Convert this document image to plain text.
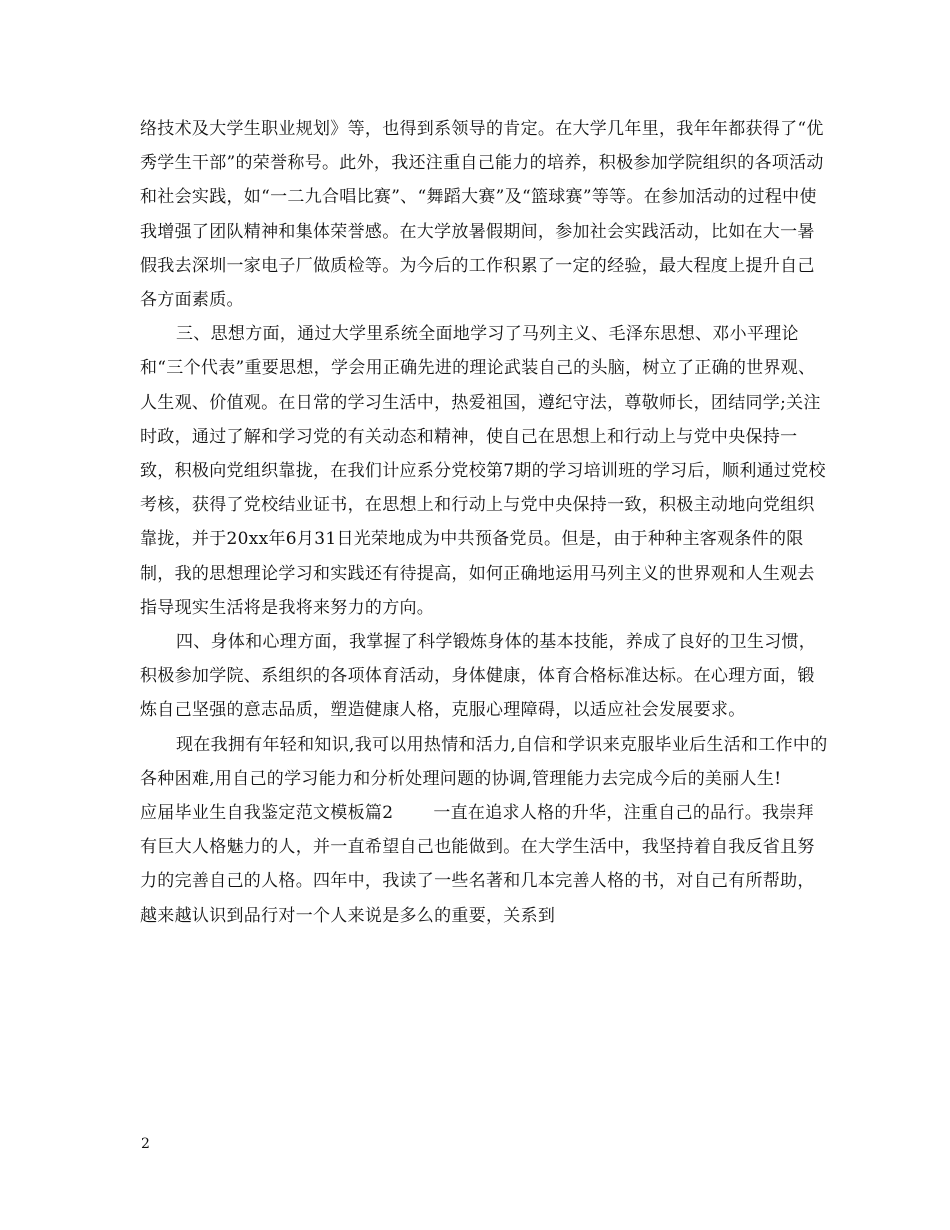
络技术及大学生职业规划》等，也得到系领导的肯定。在大学几年里，我年年都获得了“优秀学生干部”的荣誉称号。此外，我还注重自己能力的培养，积极参加学院组织的各项活动和社会实践，如“一二九合唱比赛”、“舞蹈大赛”及“篮球赛”等等。在参加活动的过程中使我增强了团队精神和集体荣誉感。在大学放暑假期间，参加社会实践活动，比如在大一暑假我去深圳一家电子厂做质检等。为今后的工作积累了一定的经验，最大程度上提升自己各方面素质。

三、思想方面，通过大学里系统全面地学习了马列主义、毛泽东思想、邓小平理论和“三个代表”重要思想，学会用正确先进的理论武装自己的头脑，树立了正确的世界观、人生观、价值观。在日常的学习生活中，热爱祖国，遵纪守法，尊敬师长，团结同学;关注时政，通过了解和学习党的有关动态和精神，使自己在思想上和行动上与党中央保持一致，积极向党组织靠拢，在我们计应系分党校第7期的学习培训班的学习后，顺利通过党校考核，获得了党校结业证书，在思想上和行动上与党中央保持一致，积极主动地向党组织靠拢，并于20xx年6月31日光荣地成为中共预备党员。但是，由于种种主客观条件的限制，我的思想理论学习和实践还有待提高，如何正确地运用马列主义的世界观和人生观去指导现实生活将是我将来努力的方向。

四、身体和心理方面，我掌握了科学锻炼身体的基本技能，养成了良好的卫生习惯，积极参加学院、系组织的各项体育活动，身体健康，体育合格标准达标。在心理方面，锻炼自己坚强的意志品质，塑造健康人格，克服心理障碍，以适应社会发展要求。

现在我拥有年轻和知识,我可以用热情和活力,自信和学识来克服毕业后生活和工作中的各种困难,用自己的学习能力和分析处理问题的协调,管理能力去完成今后的美丽人生!

应届毕业生自我鉴定范文模板篇2 一直在追求人格的升华，注重自己的品行。我崇拜有巨大人格魅力的人，并一直希望自己也能做到。在大学生活中，我坚持着自我反省且努力的完善自己的人格。四年中，我读了一些名著和几本完善人格的书，对自己有所帮助，越来越认识到品行对一个人来说是多么的重要，关系到

2
